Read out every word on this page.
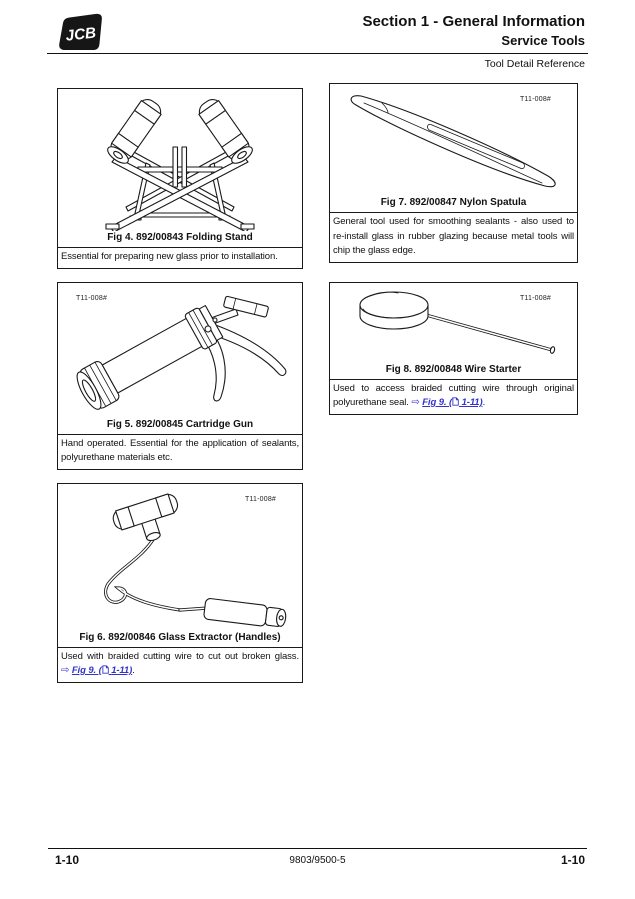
JCB
Section 1 - General Information
Service Tools
Tool Detail Reference
Fig 4. 892/00843 Folding Stand
Essential for preparing new glass prior to installation.
T11-008#
Fig 5. 892/00845 Cartridge Gun
Hand operated. Essential for the application of sealants, polyurethane materials etc.
T11-008#
Fig 6. 892/00846 Glass Extractor (Handles)
Used with braided cutting wire to cut out broken glass. ⇨ Fig 9. ( 1-11).
T11-008#
Fig 7. 892/00847 Nylon Spatula
General tool used for smoothing sealants - also used to re-install glass in rubber glazing because metal tools will chip the glass edge.
T11-008#
Fig 8. 892/00848 Wire Starter
Used to access braided cutting wire through original polyurethane seal. ⇨ Fig 9. ( 1-11).
1-10	9803/9500-5	1-10
